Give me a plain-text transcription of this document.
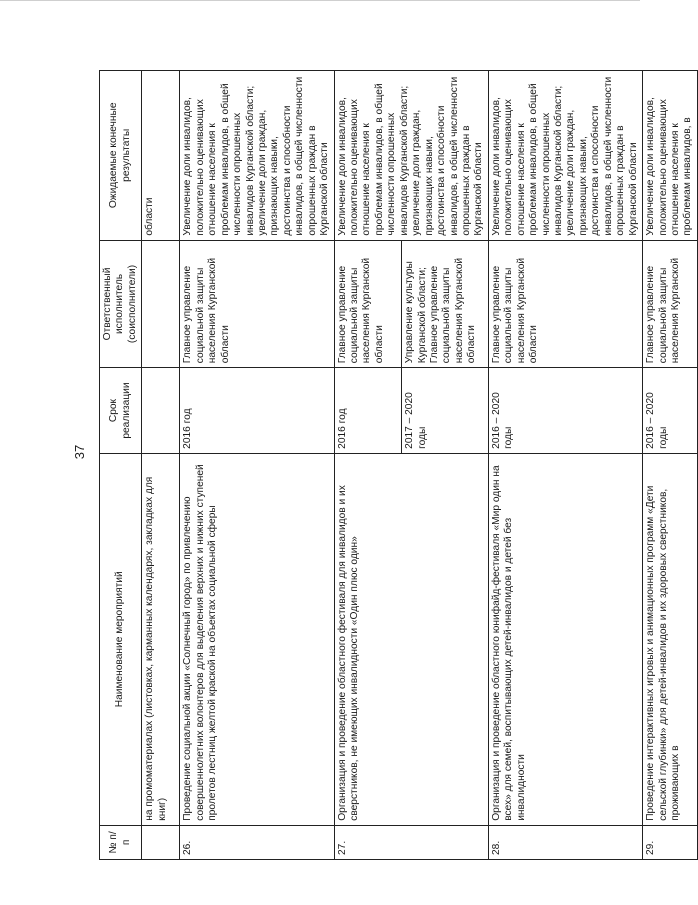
37
№ п/п	Наименование мероприятий	Срок реализации	Ответственный исполнитель (соисполнители)	Ожидаемые конечные результаты
	на промоматериалах (листовках, карманных календарях, закладках для книг)			области
26.	Проведение социальной акции «Солнечный город» по привлечению совершеннолетних волонтеров для выделения верхних и нижних ступеней пролетов лестниц желтой краской на объектах социальной сферы	2016 год	Главное управление социальной защиты населения Курганской области	Увеличение доли инвалидов, положительно оценивающих отношение населения к проблемам инвалидов, в общей численности опрошенных инвалидов Курганской области; увеличение доли граждан, признающих навыки, достоинства и способности инвалидов, в общей численности опрошенных граждан в Курганской области
27.	Организация и проведение областного фестиваля для инвалидов и их сверстников, не имеющих инвалидности «Один плюс один»	2016 год	Главное управление социальной защиты населения Курганской области	Увеличение доли инвалидов, положительно оценивающих отношение населения к проблемам инвалидов, в общей численности опрошенных инвалидов Курганской области; увеличение доли граждан, признающих навыки, достоинства и способности инвалидов, в общей численности опрошенных граждан в Курганской области
		2017 – 2020 годы	Управление культуры Курганской области; Главное управление социальной защиты населения Курганской области	
28.	Организация и проведение областного юнифайд-фестиваля «Мир один на всех» для семей, воспитывающих детей-инвалидов и детей без инвалидности	2016 – 2020 годы	Главное управление социальной защиты населения Курганской области	Увеличение доли инвалидов, положительно оценивающих отношение населения к проблемам инвалидов, в общей численности опрошенных инвалидов Курганской области; увеличение доли граждан, признающих навыки, достоинства и способности инвалидов, в общей численности опрошенных граждан в Курганской области
29.	Проведение интерактивных игровых и анимационных программ «Дети сельской глубинки» для детей-инвалидов и их здоровых сверстников, проживающих в	2016 – 2020 годы	Главное управление социальной защиты населения Курганской	Увеличение доли инвалидов, положительно оценивающих отношение населения к проблемам инвалидов, в
